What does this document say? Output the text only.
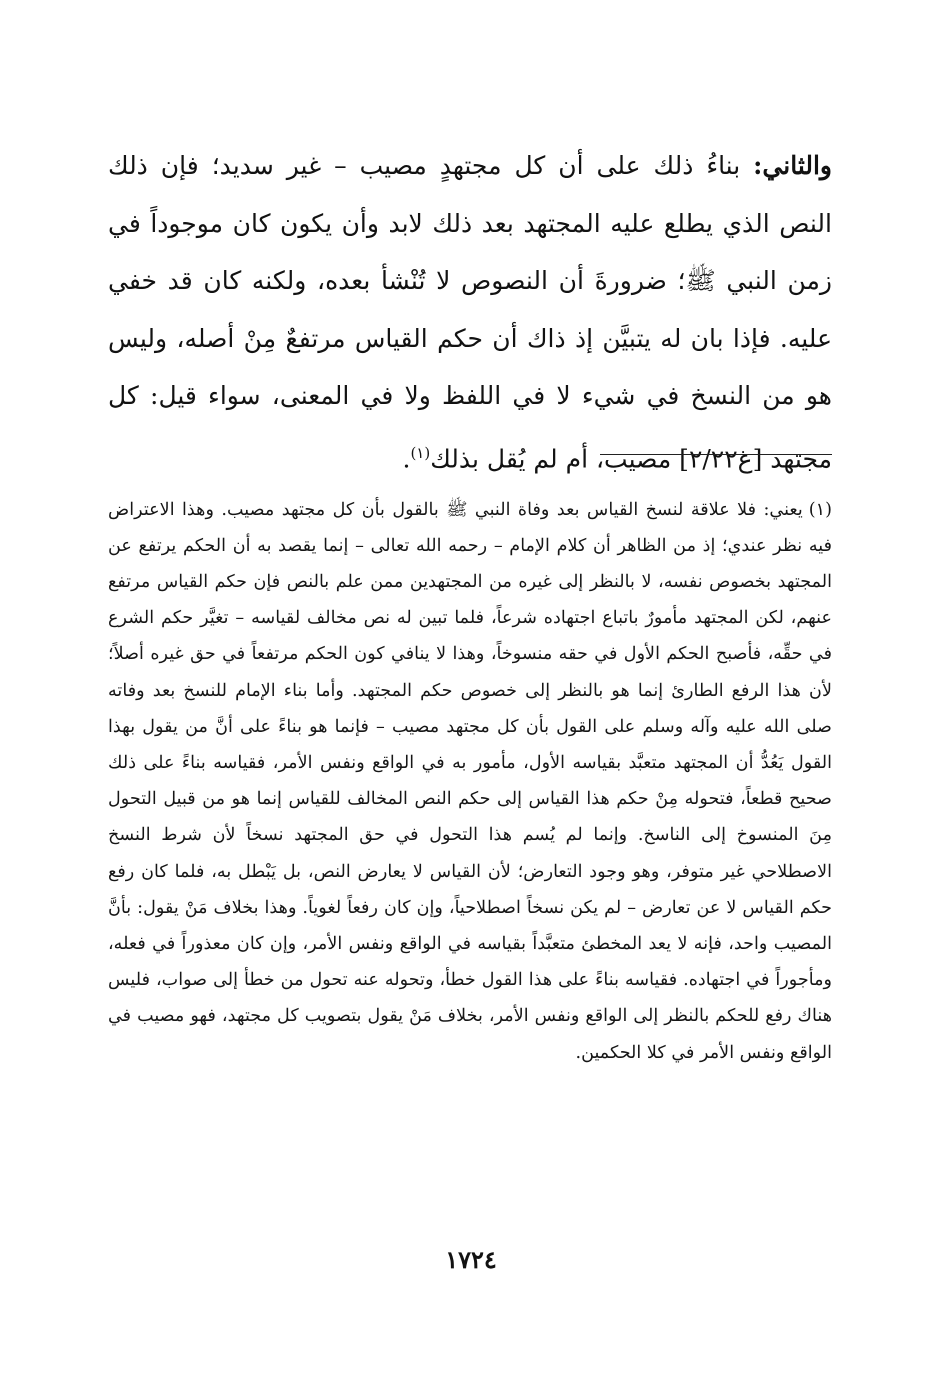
والثاني: بناءُ ذلك على أن كل مجتهدٍ مصيب – غير سديد؛ فإن ذلك النص الذي يطلع عليه المجتهد بعد ذلك لابد وأن يكون كان موجوداً في زمن النبي ﷺ؛ ضرورةَ أن النصوص لا تُنْشأ بعده، ولكنه كان قد خفي عليه. فإذا بان له يتبيَّن إذ ذاك أن حكم القياس مرتفعٌ مِنْ أصله، وليس هو من النسخ في شيء لا في اللفظ ولا في المعنى، سواء قيل: كل مجتهد [غ٢/٢٢] مصيب، أم لم يُقل بذلك$^{(١)}$.

(١)يعني: فلا علاقة لنسخ القياس بعد وفاة النبي ﷺ بالقول بأن كل مجتهد مصيب. وهذا الاعتراض فيه نظر عندي؛ إذ من الظاهر أن كلام الإمام – رحمه الله تعالى – إنما يقصد به أن الحكم يرتفع عن المجتهد بخصوص نفسه، لا بالنظر إلى غيره من المجتهدين ممن علم بالنص فإن حكم القياس مرتفع عنهم، لكن المجتهد مأمورٌ باتباع اجتهاده شرعاً، فلما تبين له نص مخالف لقياسه – تغيَّر حكم الشرع في حقِّه، فأصبح الحكم الأول في حقه منسوخاً، وهذا لا ينافي كون الحكم مرتفعاً في حق غيره أصلاً؛ لأن هذا الرفع الطارئ إنما هو بالنظر إلى خصوص حكم المجتهد. وأما بناء الإمام للنسخ بعد وفاته صلى الله عليه وآله وسلم على القول بأن كل مجتهد مصيب – فإنما هو بناءً على أنَّ من يقول بهذا القول يَعُدُّ أن المجتهد متعبَّد بقياسه الأول، مأمور به في الواقع ونفس الأمر، فقياسه بناءً على ذلك صحيح قطعاً، فتحوله مِنْ حكم هذا القياس إلى حكم النص المخالف للقياس إنما هو من قبيل التحول مِنَ المنسوخ إلى الناسخ. وإنما لم يُسم هذا التحول في حق المجتهد نسخاً لأن شرط النسخ الاصطلاحي غير متوفر، وهو وجود التعارض؛ لأن القياس لا يعارض النص، بل يَبْطل به، فلما كان رفع حكم القياس لا عن تعارض – لم يكن نسخاً اصطلاحياً، وإن كان رفعاً لغوياً. وهذا بخلاف مَنْ يقول: بأنَّ المصيب واحد، فإنه لا يعد المخطئ متعبَّداً بقياسه في الواقع ونفس الأمر، وإن كان معذوراً في فعله، ومأجوراً في اجتهاده. فقياسه بناءً على هذا القول خطأ، وتحوله عنه تحول من خطأ إلى صواب، فليس هناك رفع للحكم بالنظر إلى الواقع ونفس الأمر، بخلاف مَنْ يقول بتصويب كل مجتهد، فهو مصيب في الواقع ونفس الأمر في كلا الحكمين.

١٧٢٤
